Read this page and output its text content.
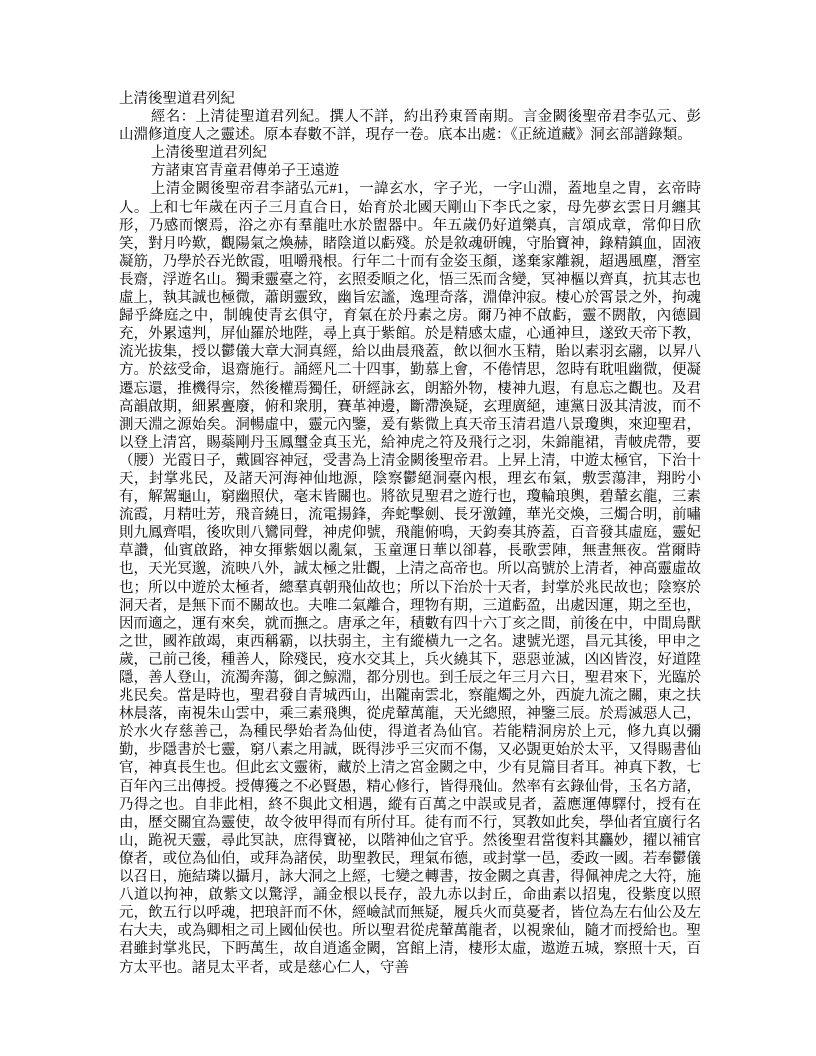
上清後聖道君列紀

經名：上清徒聖道君列紀。撰人不詳，約出矜東晉南期。言金闕後聖帝君李弘元、彭山淵修道度人之靈述。原本春數不詳，現存一卷。底本出處：《正統道藏》洞玄部譜錄類。

上清後聖道君列紀

方諸東宮青童君傳弟子王遠遊

上清金闕後聖帝君李諸弘元#1，一諱玄水，字子光，一字山淵，蓋地皇之胄，玄帝時人。上和七年歲在丙子三月直合日，始育於北國天剛山下李氏之家，母先夢玄雲日月纏其形，乃感而懷焉，浴之亦有羣龍吐水於盥器中。年五歲仍好道樂真，言頌成章，常仰日欣笑，對月吟歎，觀陽氣之煥赫，睹陰道以虧殘。於是敘魂研魄，守胎寶神，錄精鎮血，固液凝筋，乃學於吞光飲霞，咀嚼飛根。行年二十而有金姿玉顏，遂棄家離親，超遇風塵，潛室長齋，浮遊名山。獨秉靈臺之符，玄照委順之化，悟三炁而含變，冥神樞以齊真，抗其志也虛上，執其誠也極微，蕭朗靈致，幽旨宏謐，逸理奇落，淵偉沖寂。棲心於霄景之外，拘魂歸乎絳庭之中，制魄使青玄俱守，育氣在於丹素之房。爾乃神不啟虧，靈不閼散，內德圓充，外累遠判，屏仙羅於地陛，尋上真于紫館。於是精感太虛，心通神旦，遂致天帝下教，流光拔集，授以鬱儀大章大洞真經，給以曲晨飛蓋，飲以徊水玉精，貽以素羽玄翮，以昇八方。於玆受命，退齋施行。誦經凡二十四事，勤慕上會，不倦情思，忽時有耽咀幽微，便凝遷忘還，推機得宗，然後權焉獨任，研經詠玄，朗豁外物，棲神九遐，有息忘之觀也。及君高韻啟期，細累亹廢，俯和衆朋，賽革神邊，斷滯渙疑，玄理廣絕，連黨日汲其清波，而不測天淵之源始矣。洞暢虛中，靈元內鑒，爰有紫微上真天帝玉清君遣八景瓊輿，來迎聖君，以登上清宮，賜蘂剛丹玉鳳璽金真玉光，給神虎之符及飛行之羽，朱錦龍裙，青帔虎帶，要（腰）光霞日子，戴圓容神冠，受書為上清金闕後聖帝君。上昇上清，中遊太極官，下治十天，封掌兆民，及諸天河海神仙地源，陰察鬱絕洞臺內根，理玄布氣，敷雲蕩津，翔盻小有，解駕龜山，窮幽照伏，毫末皆關也。將欲見聖君之遊行也，瓊輪琅輿，碧輦玄龍，三素流霞，月精吐芳，飛音繞日，流電揚鋒，奔蛇擊劍、長牙激鐘，華光交煥，三燭合明，前嘯則九鳳齊唱，後吹則八鸞同聲，神虎仰號，飛龍俯鳴，天鈞奏其旍蓋，百音發其虛庭，靈妃草讚，仙賓啟路，神女揮紫姻以亂氣，玉童運日華以卻暮，長歌雲陣，無晝無夜。當爾時也，天光冥邈，流映八外，誠太極之壯觀，上清之高帝也。所以高號於上清者，神高靈虛故也；所以中遊於太極者，總羣真朝飛仙故也；所以下治於十天者，封掌於兆民故也；陰察於洞天者，是無下而不關故也。夫唯二氣離合，理物有期，三道虧盈，出處因運，期之至也，因而適之，運有來矣，就而撫之。唐承之年，積數有四十六丁亥之間，前後在中，中間烏獸之世，國祚啟竭，東西稱霸，以扶弱主，主有縱橫九一之名。逮號光遝，昌元其後，甲申之歲，己前己後，種善人，除殘民，疫水交其上，兵火繞其下，惡惡並滅，凶凶皆沒，好道陞隱，善人登山，流濁奔蕩，御之鯨淵，都分別也。到壬辰之年三月六日，聖君來下，光臨於兆民矣。當是時也，聖君發自青城西山，出隴南雲北，察龍燭之外，西旋九流之關，東之扶林晨落，南視朱山雲中，乘三素飛輿，從虎輦萬龍，天光總照，神鑒三辰。於焉滅惡人己，於水火存慈善己，為種民學始者為仙使，得道者為仙官。若能精洞房於上元，修九真以彌勤，步隱書於七靈，窮八素之用誠，既得涉乎三灾而不傷，又必覬更始於太平，又得賜書仙官，神真長生也。但此玄文靈術，藏於上清之宮金闕之中，少有見篇目者耳。神真下教，七百年內三出傳授。授傳獲之不必賢愚，精心修行，皆得飛仙。然率有玄錄仙骨，玉名方諸，乃得之也。自非此相，終不與此文相遇，縱有百萬之中誤或見者，蓋應運傳驛付，授有在由，歷交關宜為靈使，故令彼甲得而有所付耳。徒有而不行，冥教如此矣，學仙者宜廣行名山，跪祝天靈，尋此冥訣，庶得寶祕，以階神仙之官乎。然後聖君當復料其麤妙，擢以補官僚者，或位為仙伯，或拜為諸侯，助聖教民，理氣布德，或封掌一邑，委政一國。若奉鬱儀以召日，施結璘以攝月，詠大洞之上經，七變之轉書，按金闕之真書，得佩神虎之大符，施八道以拘神，啟紫文以驚浮，誦金根以長存，設九赤以封丘，命曲素以招鬼，役紫度以照元，飲五行以呼魂，把琅訐而不休，經嶮試而無疑，履兵火而莫憂者，皆位為左右仙公及左右大夫，或為卿相之司上國仙侯也。所以聖君從虎輦萬龍者，以視衆仙，隨才而授給也。聖君雖封掌兆民，下眄萬生，故自逍遙金闕，宮館上清，棲形太虛，遨遊五城，察照十天，百方太平也。諸見太平者，或是慈心仁人，守善
